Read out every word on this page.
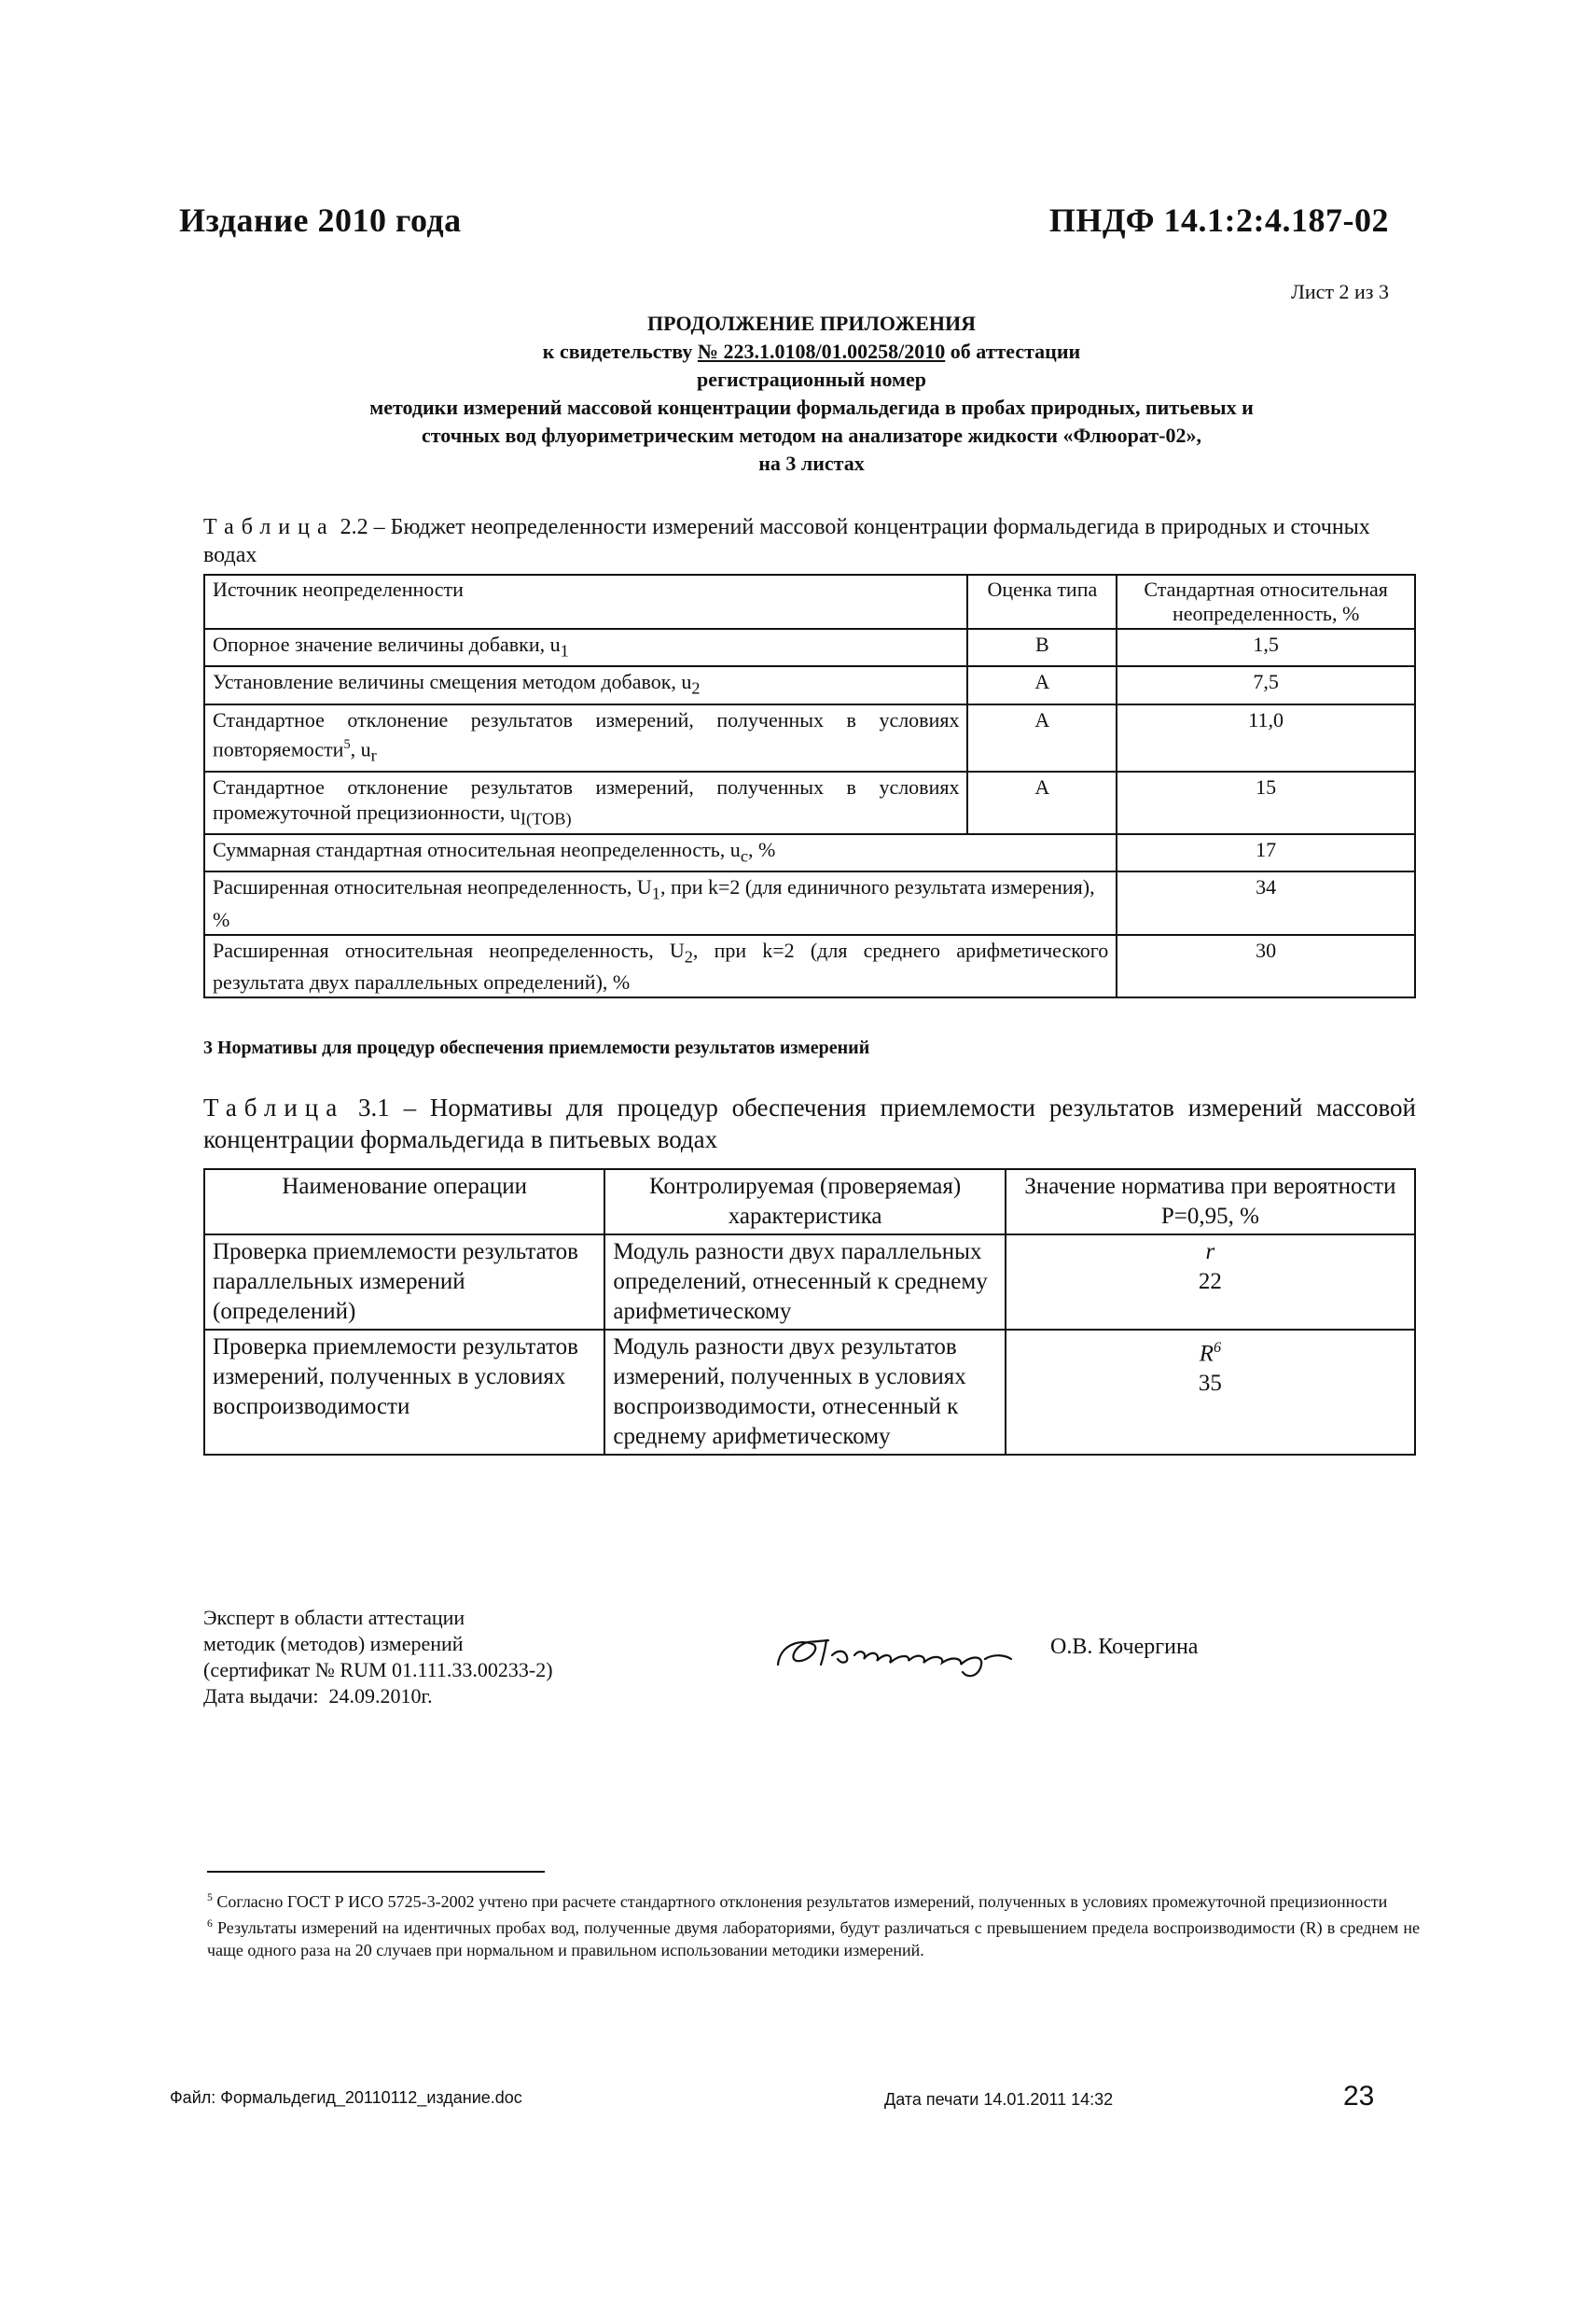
Издание 2010 года	ПНДФ 14.1:2:4.187-02
Лист 2 из 3
ПРОДОЛЖЕНИЕ ПРИЛОЖЕНИЯ
к свидетельству № 223.1.0108/01.00258/2010 об аттестации
регистрационный номер
методики измерений массовой концентрации формальдегида в пробах природных, питьевых и
сточных вод флуориметрическим методом на анализаторе жидкости «Флюорат-02»,
на 3 листах
Таблица 2.2 – Бюджет неопределенности измерений массовой концентрации формальдегида в природных и сточных водах
Источник неопределенности	Оценка типа	Стандартная относительная неопределенность, %
Опорное значение величины добавки, $u_1$	B	1,5
Установление величины смещения методом добавок, $u_2$	A	7,5
Стандартное отклонение результатов измерений, полученных в условиях повторяемости$^5$, $u_r$	A	11,0
Стандартное отклонение результатов измерений, полученных в условиях промежуточной прецизионности, $u_{I(ТОВ)}$	A	15
Суммарная стандартная относительная неопределенность, $u_c$, %		17
Расширенная относительная неопределенность, $U_1$, при k=2 (для единичного результата измерения), %		34
Расширенная относительная неопределенность, $U_2$, при k=2 (для среднего арифметического результата двух параллельных определений), %		30
3 Нормативы для процедур обеспечения приемлемости результатов измерений
Таблица 3.1 – Нормативы для процедур обеспечения приемлемости результатов измерений массовой концентрации формальдегида в питьевых водах
Наименование операции	Контролируемая (проверяемая) характеристика	Значение норматива при вероятности P=0,95, %
Проверка приемлемости результатов параллельных измерений (определений)	Модуль разности двух параллельных определений, отнесенный к среднему арифметическому	r
22

Проверка приемлемости результатов измерений, полученных в условиях воспроизводимости	Модуль разности двух результатов измерений, полученных в условиях воспроизводимости, отнесенный к среднему арифметическому	$R^6$
35
Эксперт в области аттестации
методик (методов) измерений
(сертификат № RUM 01.111.33.00233-2)
Дата выдачи: 24.09.2010г.
О.В. Кочергина
$^5$ Согласно ГОСТ Р ИСО 5725-3-2002 учтено при расчете стандартного отклонения результатов измерений, полученных в условиях промежуточной прецизионности
$^6$ Результаты измерений на идентичных пробах вод, полученные двумя лабораториями, будут различаться с превышением предела воспроизводимости (R) в среднем не чаще одного раза на 20 случаев при нормальном и правильном использовании методики измерений.
Файл: Формальдегид_20110112_издание.doc	Дата печати 14.01.2011 14:32	23
